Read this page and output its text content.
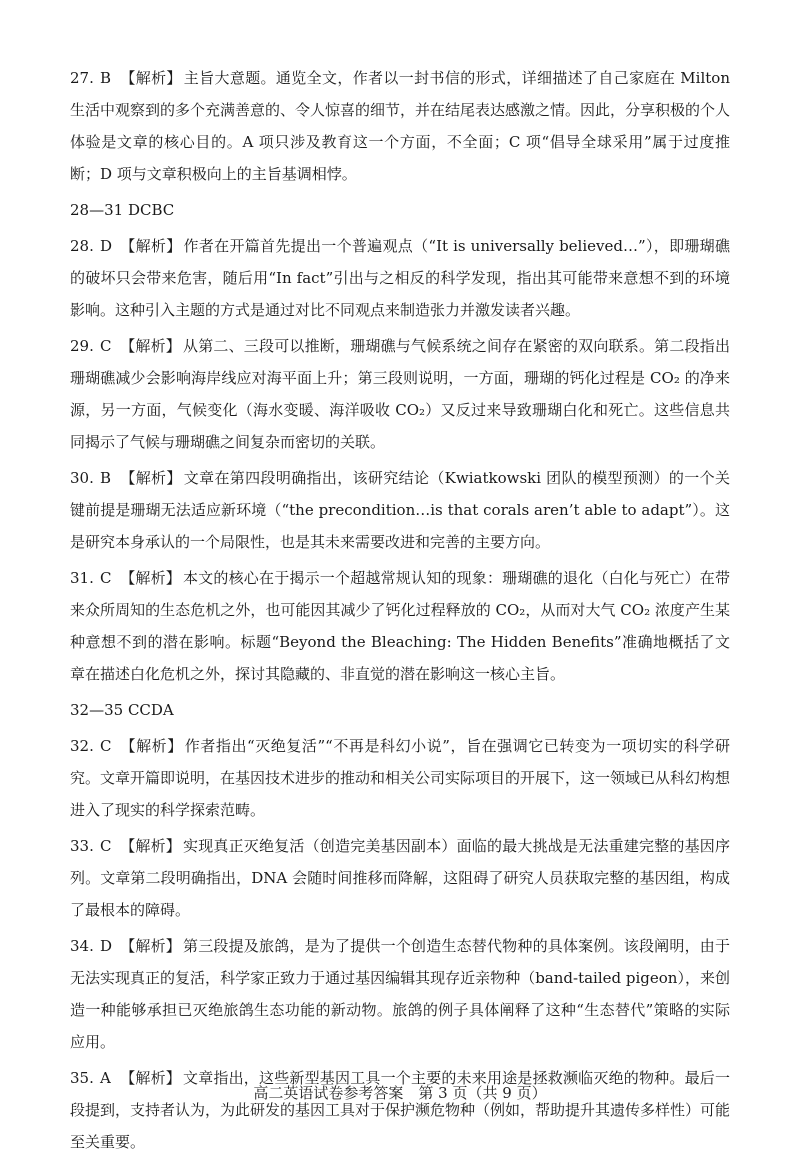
27. B 【解析】 主旨大意题。通览全文，作者以一封书信的形式，详细描述了自己家庭在 Milton 生活中观察到的多个充满善意的、令人惊喜的细节，并在结尾表达感激之情。因此，分享积极的个人体验是文章的核心目的。A 项只涉及教育这一个方面，不全面；C 项“倡导全球采用”属于过度推断；D 项与文章积极向上的主旨基调相悖。
28—31 DCBC
28. D 【解析】 作者在开篇首先提出一个普遍观点（“It is universally believed…”），即珊瑚礁的破坏只会带来危害，随后用“In fact”引出与之相反的科学发现，指出其可能带来意想不到的环境影响。这种引入主题的方式是通过对比不同观点来制造张力并激发读者兴趣。
29. C 【解析】 从第二、三段可以推断，珊瑚礁与气候系统之间存在紧密的双向联系。第二段指出珊瑚礁减少会影响海岸线应对海平面上升；第三段则说明，一方面，珊瑚的钙化过程是 CO₂ 的净来源，另一方面，气候变化（海水变暖、海洋吸收 CO₂）又反过来导致珊瑚白化和死亡。这些信息共同揭示了气候与珊瑚礁之间复杂而密切的关联。
30. B 【解析】 文章在第四段明确指出，该研究结论（Kwiatkowski 团队的模型预测）的一个关键前提是珊瑚无法适应新环境（“the precondition…is that corals aren’t able to adapt”）。这是研究本身承认的一个局限性，也是其未来需要改进和完善的主要方向。
31. C 【解析】 本文的核心在于揭示一个超越常规认知的现象：珊瑚礁的退化（白化与死亡）在带来众所周知的生态危机之外，也可能因其减少了钙化过程释放的 CO₂，从而对大气 CO₂ 浓度产生某种意想不到的潜在影响。标题“Beyond the Bleaching: The Hidden Benefits”准确地概括了文章在描述白化危机之外，探讨其隐藏的、非直觉的潜在影响这一核心主旨。
32—35 CCDA
32. C 【解析】 作者指出“灭绝复活”“不再是科幻小说”，旨在强调它已转变为一项切实的科学研究。文章开篇即说明，在基因技术进步的推动和相关公司实际项目的开展下，这一领域已从科幻构想进入了现实的科学探索范畴。
33. C 【解析】 实现真正灭绝复活（创造完美基因副本）面临的最大挑战是无法重建完整的基因序列。文章第二段明确指出，DNA 会随时间推移而降解，这阻碍了研究人员获取完整的基因组，构成了最根本的障碍。
34. D 【解析】 第三段提及旅鸽，是为了提供一个创造生态替代物种的具体案例。该段阐明，由于无法实现真正的复活，科学家正致力于通过基因编辑其现存近亲物种（band-tailed pigeon），来创造一种能够承担已灭绝旅鸽生态功能的新动物。旅鸽的例子具体阐释了这种“生态替代”策略的实际应用。
35. A 【解析】 文章指出，这些新型基因工具一个主要的未来用途是拯救濒临灭绝的物种。最后一段提到，支持者认为，为此研发的基因工具对于保护濒危物种（例如，帮助提升其遗传多样性）可能至关重要。
高二英语试卷参考答案　第 3 页（共 9 页）
